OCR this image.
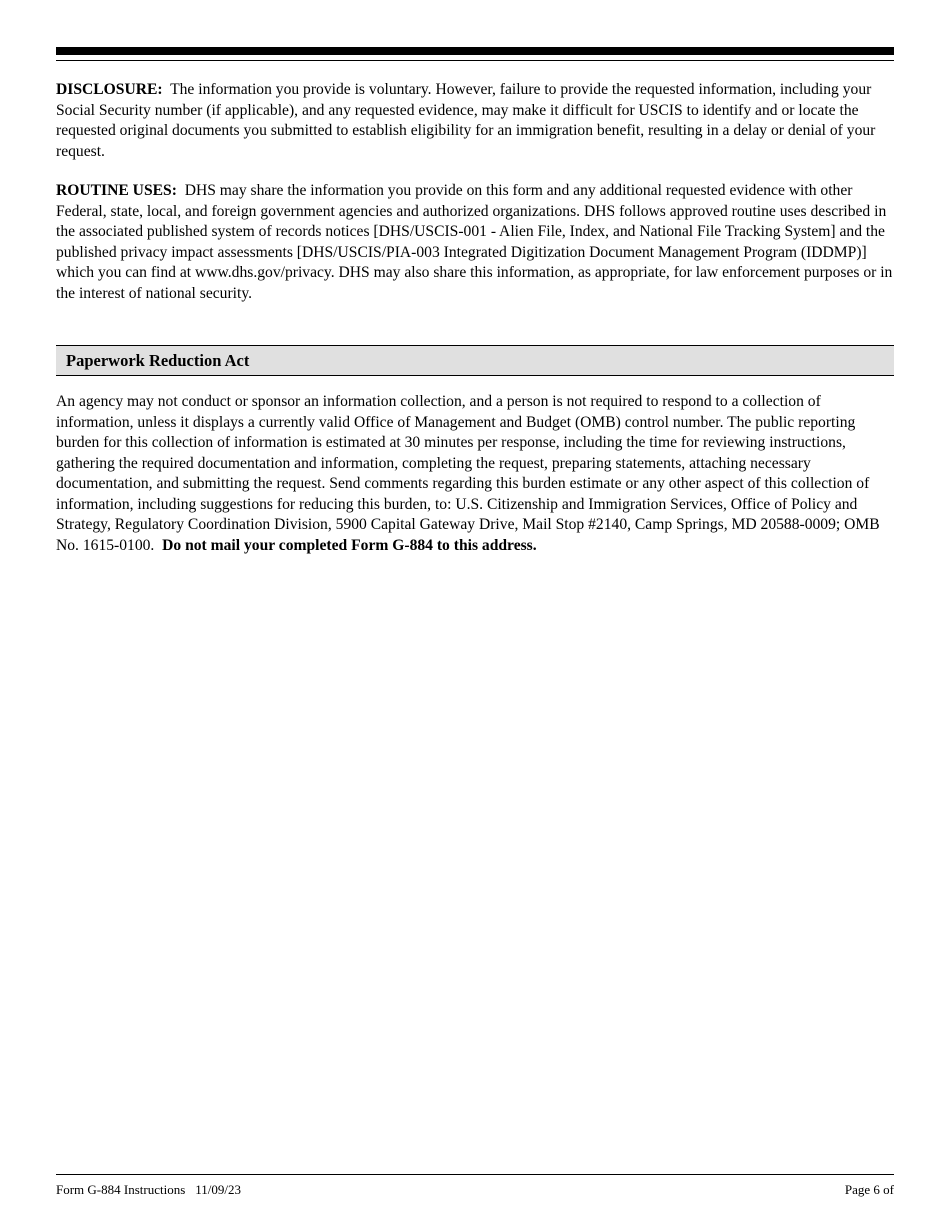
DISCLOSURE: The information you provide is voluntary. However, failure to provide the requested information, including your Social Security number (if applicable), and any requested evidence, may make it difficult for USCIS to identify and or locate the requested original documents you submitted to establish eligibility for an immigration benefit, resulting in a delay or denial of your request.

ROUTINE USES: DHS may share the information you provide on this form and any additional requested evidence with other Federal, state, local, and foreign government agencies and authorized organizations. DHS follows approved routine uses described in the associated published system of records notices [DHS/USCIS-001 - Alien File, Index, and National File Tracking System] and the published privacy impact assessments [DHS/USCIS/PIA-003 Integrated Digitization Document Management Program (IDDMP)] which you can find at www.dhs.gov/privacy. DHS may also share this information, as appropriate, for law enforcement purposes or in the interest of national security.

Paperwork Reduction Act

An agency may not conduct or sponsor an information collection, and a person is not required to respond to a collection of information, unless it displays a currently valid Office of Management and Budget (OMB) control number. The public reporting burden for this collection of information is estimated at 30 minutes per response, including the time for reviewing instructions, gathering the required documentation and information, completing the request, preparing statements, attaching necessary documentation, and submitting the request. Send comments regarding this burden estimate or any other aspect of this collection of information, including suggestions for reducing this burden, to: U.S. Citizenship and Immigration Services, Office of Policy and Strategy, Regulatory Coordination Division, 5900 Capital Gateway Drive, Mail Stop #2140, Camp Springs, MD 20588-0009; OMB No. 1615-0100. Do not mail your completed Form G-884 to this address.

Form G-884 Instructions 11/09/23	Page 6 of
